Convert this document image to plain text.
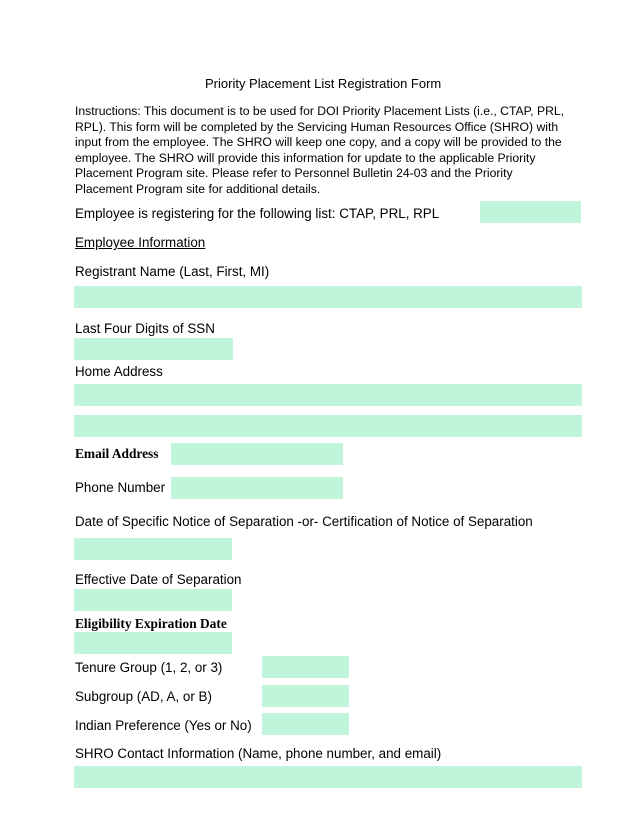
Priority Placement List Registration Form
Instructions: This document is to be used for DOI Priority Placement Lists (i.e., CTAP, PRL, RPL). This form will be completed by the Servicing Human Resources Office (SHRO) with input from the employee. The SHRO will keep one copy, and a copy will be provided to the employee. The SHRO will provide this information for update to the applicable Priority Placement Program site. Please refer to Personnel Bulletin 24-03 and the Priority Placement Program site for additional details.
Employee is registering for the following list: CTAP, PRL, RPL
Employee Information
Registrant Name (Last, First, MI)
Last Four Digits of SSN
Home Address
Email Address
Phone Number
Date of Specific Notice of Separation -or- Certification of Notice of Separation
Effective Date of Separation
Eligibility Expiration Date
Tenure Group (1, 2, or 3)
Subgroup (AD, A, or B)
Indian Preference (Yes or No)
SHRO Contact Information (Name, phone number, and email)
